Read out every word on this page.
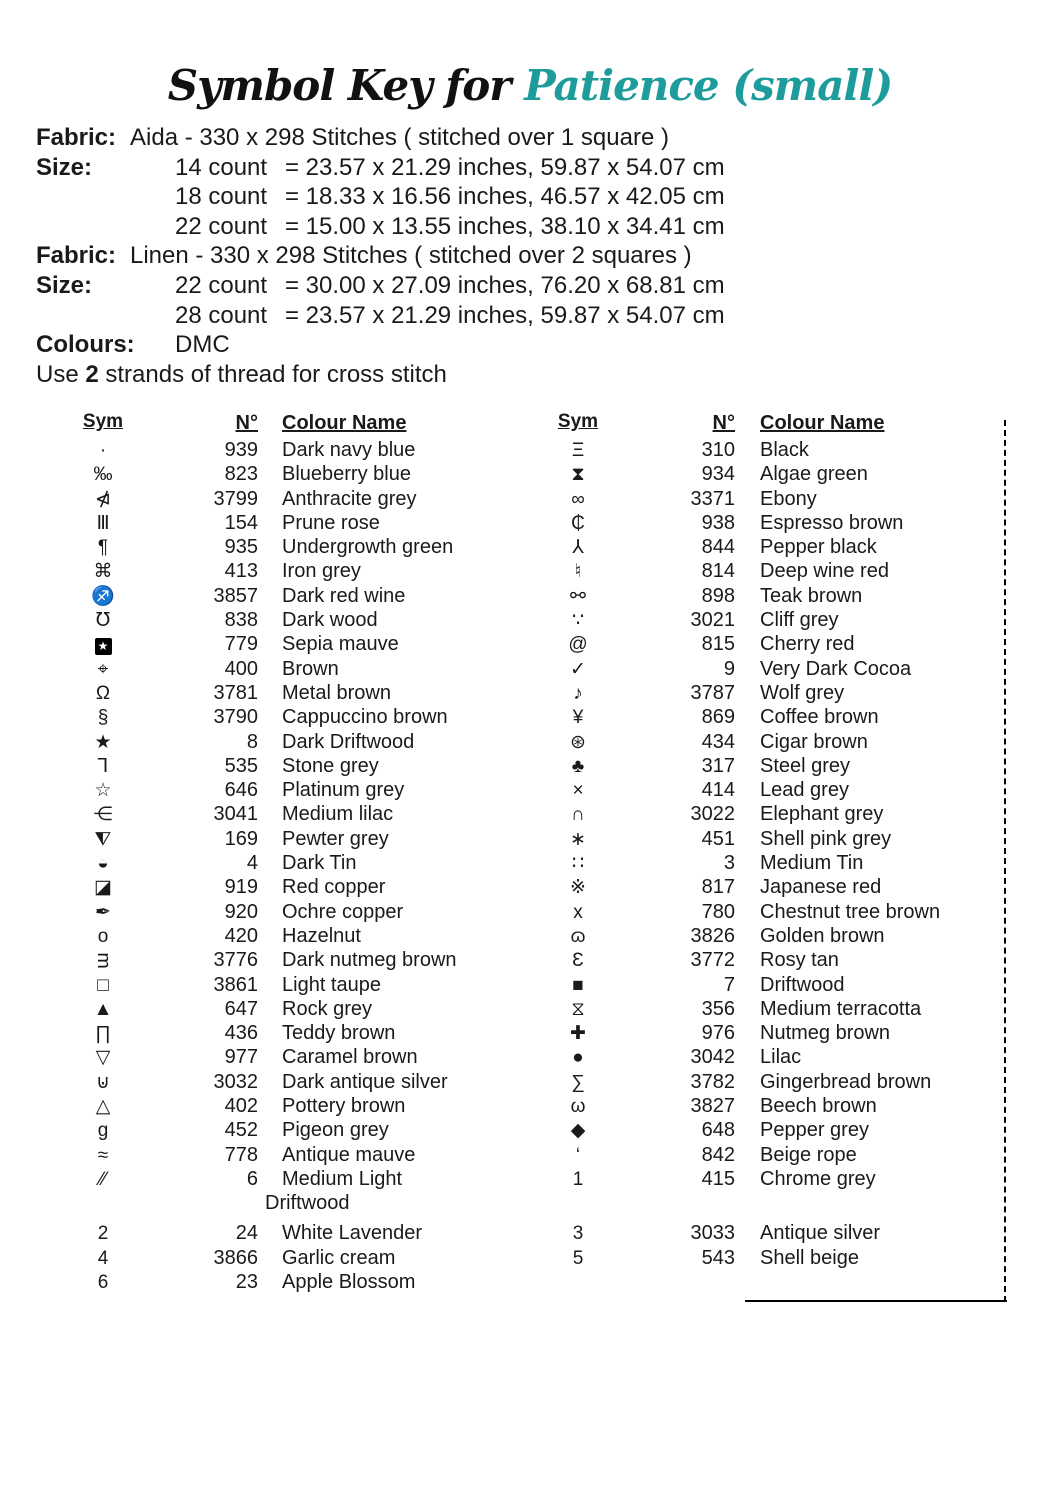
Symbol Key for Patience (small)
Fabric: Aida - 330 x 298 Stitches ( stitched over 1 square )
Size:	14 count = 23.57 x 21.29 inches, 59.87 x 54.07 cm
18 count = 18.33 x 16.56 inches, 46.57 x 42.05 cm
22 count = 15.00 x 13.55 inches, 38.10 x 34.41 cm
Fabric: Linen - 330 x 298 Stitches ( stitched over 2 squares )
Size:	22 count = 30.00 x 27.09 inches, 76.20 x 68.81 cm
28 count = 23.57 x 21.29 inches, 59.87 x 54.07 cm
Colours:	DMC
Use 2 strands of thread for cross stitch
Sym	N°	Colour Name	Sym	N°	Colour Name
·	939	Dark navy blue	Ξ	310	Black
‰	823	Blueberry blue	⧗	934	Algae green
⋪	3799	Anthracite grey	∞	3371	Ebony
Ⅲ	154	Prune rose	₵	938	Espresso brown
¶	935	Undergrowth green	⅄	844	Pepper black
⌘	413	Iron grey	♮	814	Deep wine red
♐	3857	Dark red wine	⚯	898	Teak brown
℧	838	Dark wood	∵	3021	Cliff grey
★	779	Sepia mauve	@	815	Cherry red
⌖	400	Brown	✓	9	Very Dark Cocoa
Ω	3781	Metal brown	♪	3787	Wolf grey
§	3790	Cappuccino brown	¥	869	Coffee brown
★	8	Dark Driftwood	⊛	434	Cigar brown
⅂	535	Stone grey	♣	317	Steel grey
☆	646	Platinum grey	×	414	Lead grey
⋲	3041	Medium lilac	∩	3022	Elephant grey
⧨	169	Pewter grey	∗	451	Shell pink grey
◒	4	Dark Tin	∷	3	Medium Tin
◪	919	Red copper	※	817	Japanese red
✒	920	Ochre copper	x	780	Chestnut tree brown
o	420	Hazelnut	ɷ	3826	Golden brown
ᴟ	3776	Dark nutmeg brown	Ɛ	3772	Rosy tan
□	3861	Light taupe	■	7	Driftwood
▲	647	Rock grey	⧖	356	Medium terracotta
∏	436	Teddy brown	✚	976	Nutmeg brown
▽	977	Caramel brown	●	3042	Lilac
⊍	3032	Dark antique silver	∑	3782	Gingerbread brown
△	402	Pottery brown	ω	3827	Beech brown
g	452	Pigeon grey	◆	648	Pepper grey
≈	778	Antique mauve	‘	842	Beige rope
⁄⁄	6	Medium Light	1	415	Chrome grey
Driftwood
2	24	White Lavender	3	3033	Antique silver
4	3866	Garlic cream	5	543	Shell beige
6	23	Apple Blossom
